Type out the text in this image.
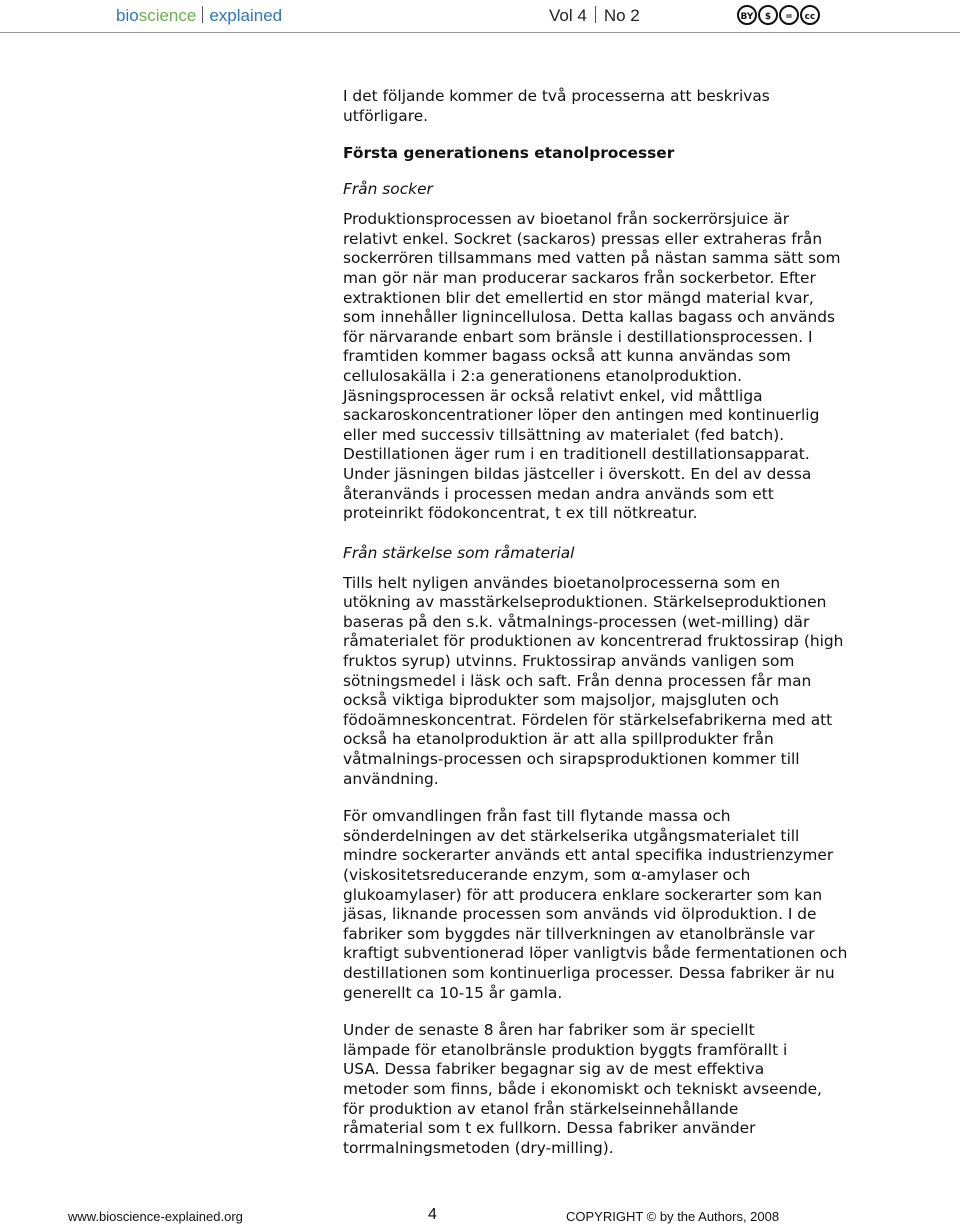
bioscience explained	Vol 4 No 2	BY	$	=	cc

I det följande kommer de två processerna att beskrivas utförligare.

Första generationens etanolprocesser

Från socker

Produktionsprocessen av bioetanol från sockerrörsjuice är relativt enkel. Sockret (sackaros) pressas eller extraheras från sockerrören tillsammans med vatten på nästan samma sätt som man gör när man producerar sackaros från sockerbetor. Efter extraktionen blir det emellertid en stor mängd material kvar, som innehåller lignincellulosa. Detta kallas bagass och används för närvarande enbart som bränsle i destillationsprocessen. I framtiden kommer bagass också att kunna användas som cellulosakälla i 2:a generationens etanolproduktion. Jäsningsprocessen är också relativt enkel, vid måttliga sackaroskoncentrationer löper den antingen med kontinuerlig eller med successiv tillsättning av materialet (fed batch). Destillationen äger rum i en traditionell destillationsapparat. Under jäsningen bildas jästceller i överskott. En del av dessa återanvänds i processen medan andra används som ett proteinrikt födokoncentrat, t ex till nötkreatur.

Från stärkelse som råmaterial

Tills helt nyligen användes bioetanolprocesserna som en utökning av masstärkelseproduktionen. Stärkelseproduktionen baseras på den s.k. våtmalnings-processen (wet-milling) där råmaterialet för produktionen av koncentrerad fruktossirap (high fruktos syrup) utvinns. Fruktossirap används vanligen som sötningsmedel i läsk och saft. Från denna processen får man också viktiga biprodukter som majsoljor, majsgluten och födoämneskoncentrat. Fördelen för stärkelsefabrikerna med att också ha etanolproduktion är att alla spillprodukter från våtmalnings-processen och sirapsproduktionen kommer till användning.

För omvandlingen från fast till flytande massa och sönderdelningen av det stärkelserika utgångsmaterialet till mindre sockerarter används ett antal specifika industrienzymer (viskositetsreducerande enzym, som α-amylaser och glukoamylaser) för att producera enklare sockerarter som kan jäsas, liknande processen som används vid ölproduktion. I de fabriker som byggdes när tillverkningen av etanolbränsle var kraftigt subventionerad löper vanligtvis både fermentationen och destillationen som kontinuerliga processer. Dessa fabriker är nu generellt ca 10-15 år gamla.

Under de senaste 8 åren har fabriker som är speciellt lämpade för etanolbränsle produktion byggts framförallt i USA. Dessa fabriker begagnar sig av de mest effektiva metoder som finns, både i ekonomiskt och tekniskt avseende, för produktion av etanol från stärkelseinnehållande råmaterial som t ex fullkorn. Dessa fabriker använder torrmalningsmetoden (dry-milling).

www.bioscience-explained.org	4	COPYRIGHT © by the Authors, 2008
